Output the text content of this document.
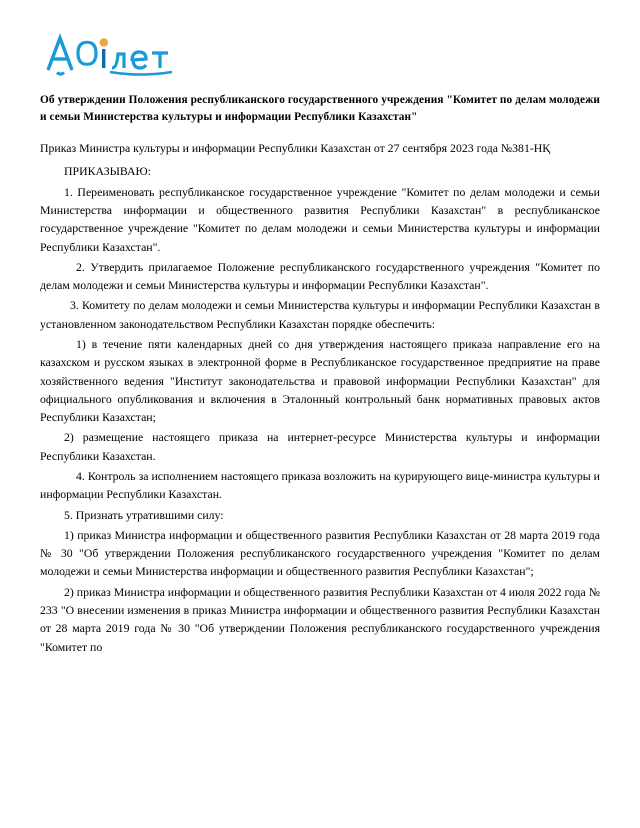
Об утверждении Положения республиканского государственного учреждения "Комитет по делам молодежи и семьи Министерства культуры и информации Республики Казахстан"

Приказ Министра культуры и информации Республики Казахстан от 27 сентября 2023 года №381-НҚ

ПРИКАЗЫВАЮ:

1. Переименовать республиканское государственное учреждение "Комитет по делам молодежи и семьи Министерства информации и общественного развития Республики Казахстан" в республиканское государственное учреждение "Комитет по делам молодежи и семьи Министерства культуры и информации Республики Казахстан".

2. Утвердить прилагаемое Положение республиканского государственного учреждения "Комитет по делам молодежи и семьи Министерства культуры и информации Республики Казахстан".

3. Комитету по делам молодежи и семьи Министерства культуры и информации Республики Казахстан в установленном законодательством Республики Казахстан порядке обеспечить:

1) в течение пяти календарных дней со дня утверждения настоящего приказа направление его на казахском и русском языках в электронной форме в Республиканское государственное предприятие на праве хозяйственного ведения "Институт законодательства и правовой информации Республики Казахстан" для официального опубликования и включения в Эталонный контрольный банк нормативных правовых актов Республики Казахстан;

2) размещение настоящего приказа на интернет-ресурсе Министерства культуры и информации Республики Казахстан.

4. Контроль за исполнением настоящего приказа возложить на курирующего вице-министра культуры и информации Республики Казахстан.

5. Признать утратившими силу:

1) приказ Министра информации и общественного развития Республики Казахстан от 28 марта 2019 года № 30 "Об утверждении Положения республиканского государственного учреждения "Комитет по делам молодежи и семьи Министерства информации и общественного развития Республики Казахстан";

2) приказ Министра информации и общественного развития Республики Казахстан от 4 июля 2022 года № 233 "О внесении изменения в приказ Министра информации и общественного развития Республики Казахстан от 28 марта 2019 года № 30 "Об утверждении Положения республиканского государственного учреждения "Комитет по
